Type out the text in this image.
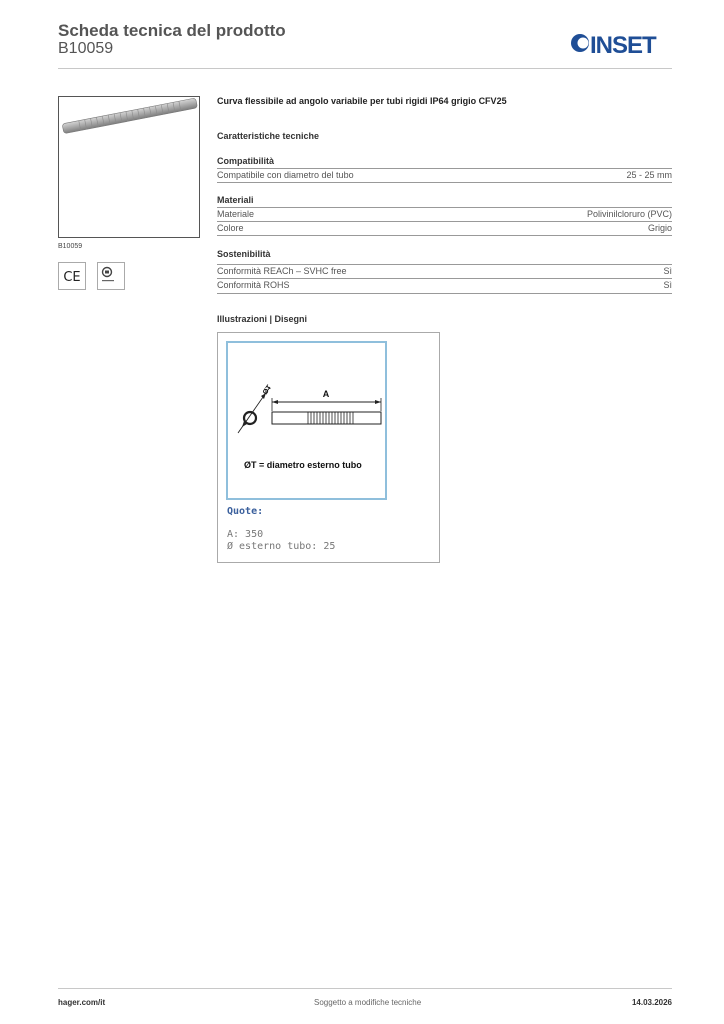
Scheda tecnica del prodotto
B10059	INSET
B10059
CE
Curva flessibile ad angolo variabile per tubi rigidi IP64 grigio CFV25
Caratteristiche tecniche
Compatibilità
Compatibile con diametro del tubo	25 - 25 mm
Materiali
Materiale	Polivinilcloruro (PVC)
Colore	Grigio
Sostenibilità
Conformità REACh – SVHC free	Sì
Conformità ROHS	Sì
Illustrazioni | Disegni
A
ØT
ØT = diametro esterno tubo
Quote:
A: 350
Ø esterno tubo: 25
hager.com/it	Soggetto a modifiche tecniche	14.03.2026
